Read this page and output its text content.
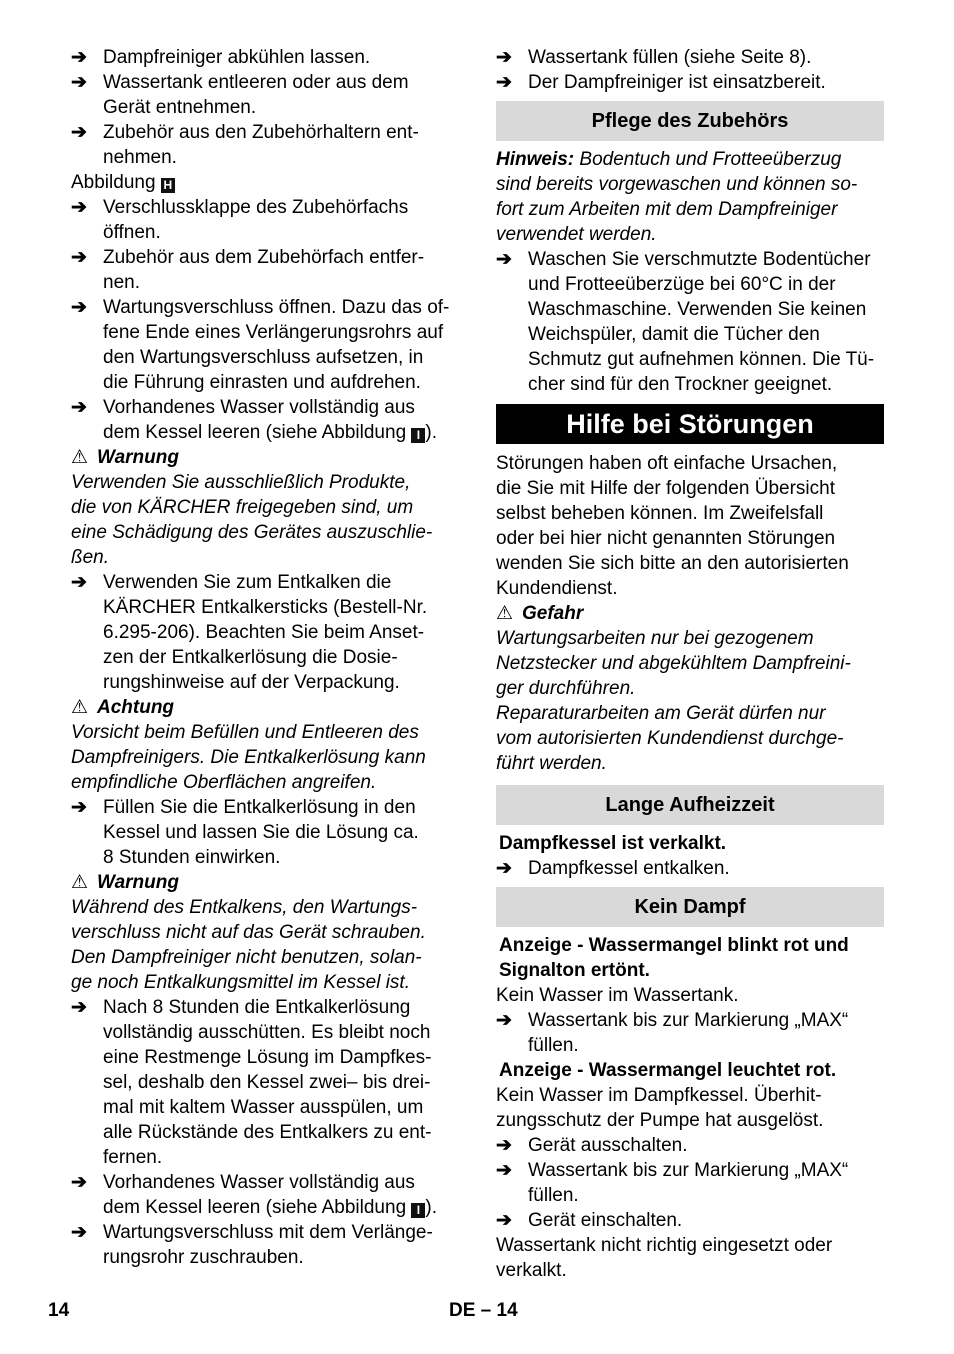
➔ Dampfreiniger abkühlen lassen.
➔ Wassertank entleeren oder aus dem
Gerät entnehmen.
➔ Zubehör aus den Zubehörhaltern ent-
nehmen.
Abbildung H
➔ Verschlussklappe des Zubehörfachs
öffnen.
➔ Zubehör aus dem Zubehörfach entfer-
nen.
➔ Wartungsverschluss öffnen. Dazu das of-
fene Ende eines Verlängerungsrohrs auf
den Wartungsverschluss aufsetzen, in
die Führung einrasten und aufdrehen.
➔ Vorhandenes Wasser vollständig aus
dem Kessel leeren (siehe Abbildung I ).
⚠ Warnung
Verwenden Sie ausschließlich Produkte,
die von KÄRCHER freigegeben sind, um
eine Schädigung des Gerätes auszuschlie-
ßen.
➔ Verwenden Sie zum Entkalken die
KÄRCHER Entkalkersticks (Bestell-Nr.
6.295-206). Beachten Sie beim Anset-
zen der Entkalkerlösung die Dosie-
rungshinweise auf der Verpackung.
⚠ Achtung
Vorsicht beim Befüllen und Entleeren des
Dampfreinigers. Die Entkalkerlösung kann
empfindliche Oberflächen angreifen.
➔ Füllen Sie die Entkalkerlösung in den
Kessel und lassen Sie die Lösung ca.
8 Stunden einwirken.
⚠ Warnung
Während des Entkalkens, den Wartungs-
verschluss nicht auf das Gerät schrauben.
Den Dampfreiniger nicht benutzen, solan-
ge noch Entkalkungsmittel im Kessel ist.
➔ Nach 8 Stunden die Entkalkerlösung
vollständig ausschütten. Es bleibt noch
eine Restmenge Lösung im Dampfkes-
sel, deshalb den Kessel zwei– bis drei-
mal mit kaltem Wasser ausspülen, um
alle Rückstände des Entkalkers zu ent-
fernen.
➔ Vorhandenes Wasser vollständig aus
dem Kessel leeren (siehe Abbildung I ).
➔ Wartungsverschluss mit dem Verlänge-
rungsrohr zuschrauben.
➔ Wassertank füllen (siehe Seite 8).
➔ Der Dampfreiniger ist einsatzbereit.
Pflege des Zubehörs
Hinweis: Bodentuch und Frotteeüberzug
sind bereits vorgewaschen und können so-
fort zum Arbeiten mit dem Dampfreiniger
verwendet werden.
➔ Waschen Sie verschmutzte Bodentücher
und Frotteeüberzüge bei 60°C in der
Waschmaschine. Verwenden Sie keinen
Weichspüler, damit die Tücher den
Schmutz gut aufnehmen können. Die Tü-
cher sind für den Trockner geeignet.
Hilfe bei Störungen
Störungen haben oft einfache Ursachen,
die Sie mit Hilfe der folgenden Übersicht
selbst beheben können. Im Zweifelsfall
oder bei hier nicht genannten Störungen
wenden Sie sich bitte an den autorisierten
Kundendienst.
⚠ Gefahr
Wartungsarbeiten nur bei gezogenem
Netzstecker und abgekühltem Dampfreini-
ger durchführen.
Reparaturarbeiten am Gerät dürfen nur
vom autorisierten Kundendienst durchge-
führt werden.
Lange Aufheizzeit
Dampfkessel ist verkalkt.
➔ Dampfkessel entkalken.
Kein Dampf
Anzeige - Wassermangel blinkt rot und
Signalton ertönt.
Kein Wasser im Wassertank.
➔ Wassertank bis zur Markierung „MAX“
füllen.
Anzeige - Wassermangel leuchtet rot.
Kein Wasser im Dampfkessel. Überhit-
zungsschutz der Pumpe hat ausgelöst.
➔ Gerät ausschalten.
➔ Wassertank bis zur Markierung „MAX“
füllen.
➔ Gerät einschalten.
Wassertank nicht richtig eingesetzt oder
verkalkt.
14	DE – 14
